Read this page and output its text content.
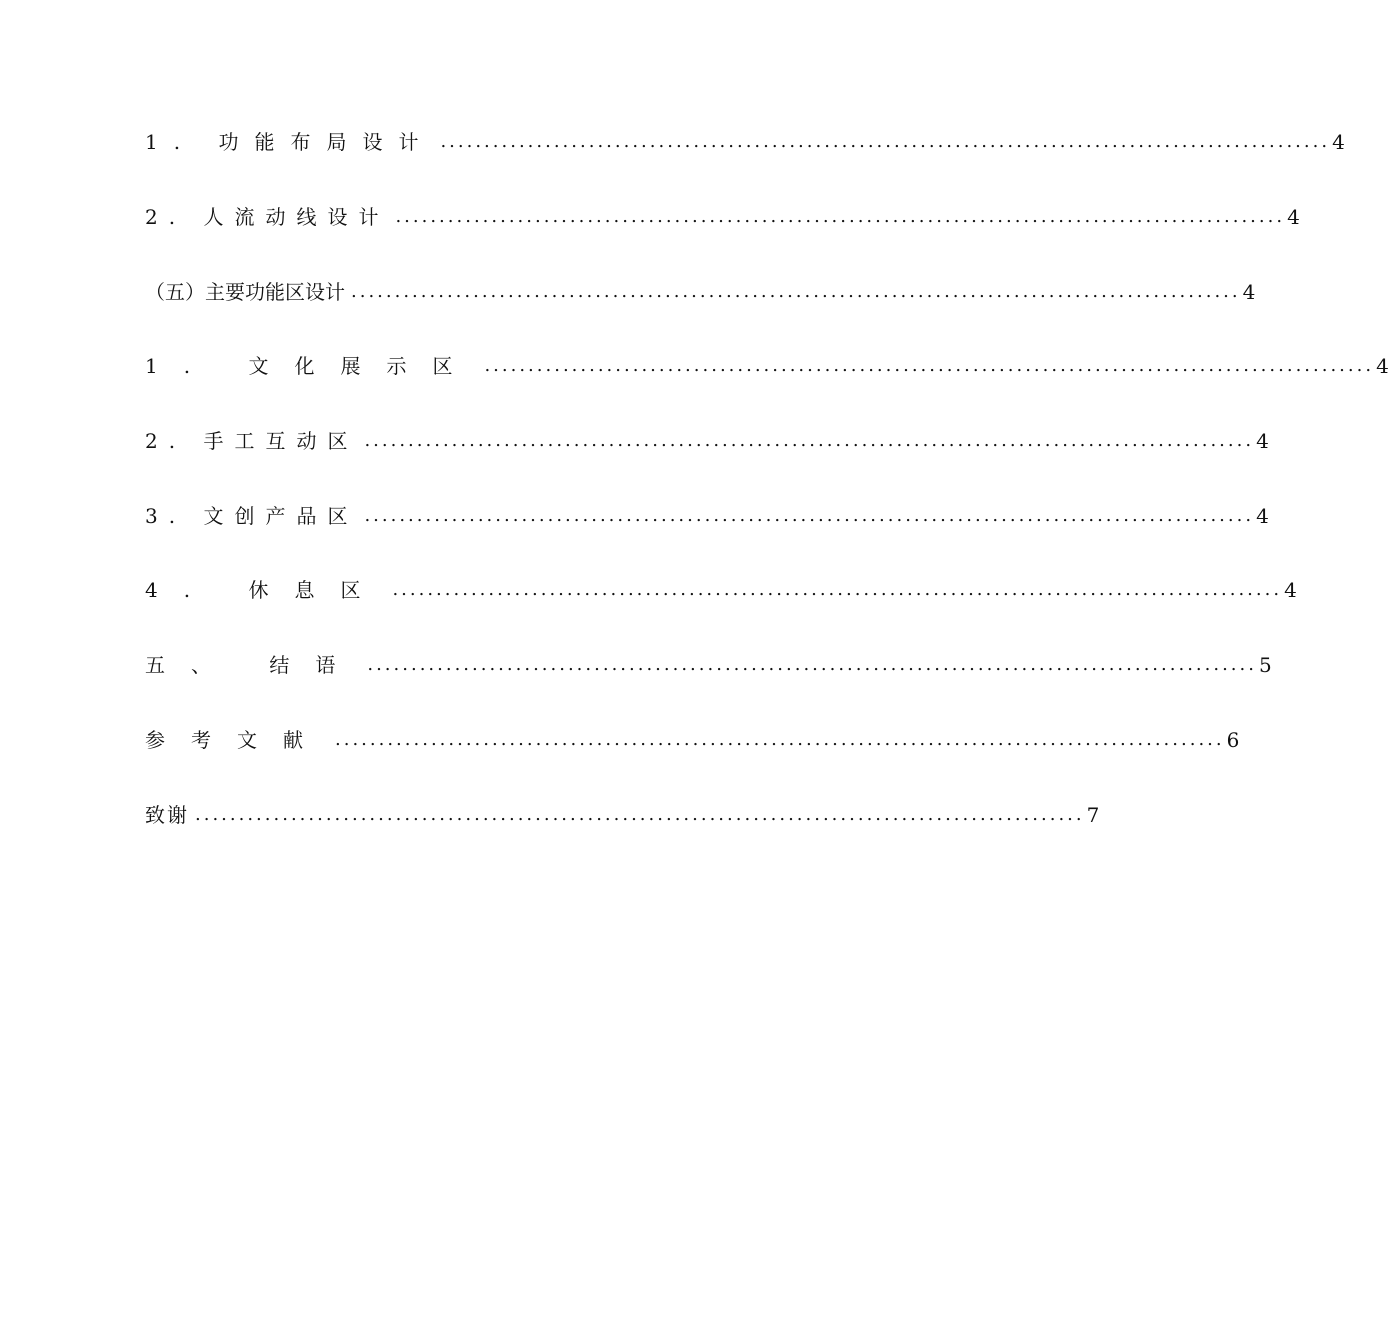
1. 功能布局设计 ...................................................................................................... 4
2. 人流动线设计 ...................................................................................................... 4
（五）主要功能区设计 ...................................................................................................... 4
1. 文化展示区 ...................................................................................................... 4
2. 手工互动区 ...................................................................................................... 4
3. 文创产品区 ...................................................................................................... 4
4. 休息区 ...................................................................................................... 4
五、 结语 ...................................................................................................... 5
参考文献 ...................................................................................................... 6
致谢 ...................................................................................................... 7
